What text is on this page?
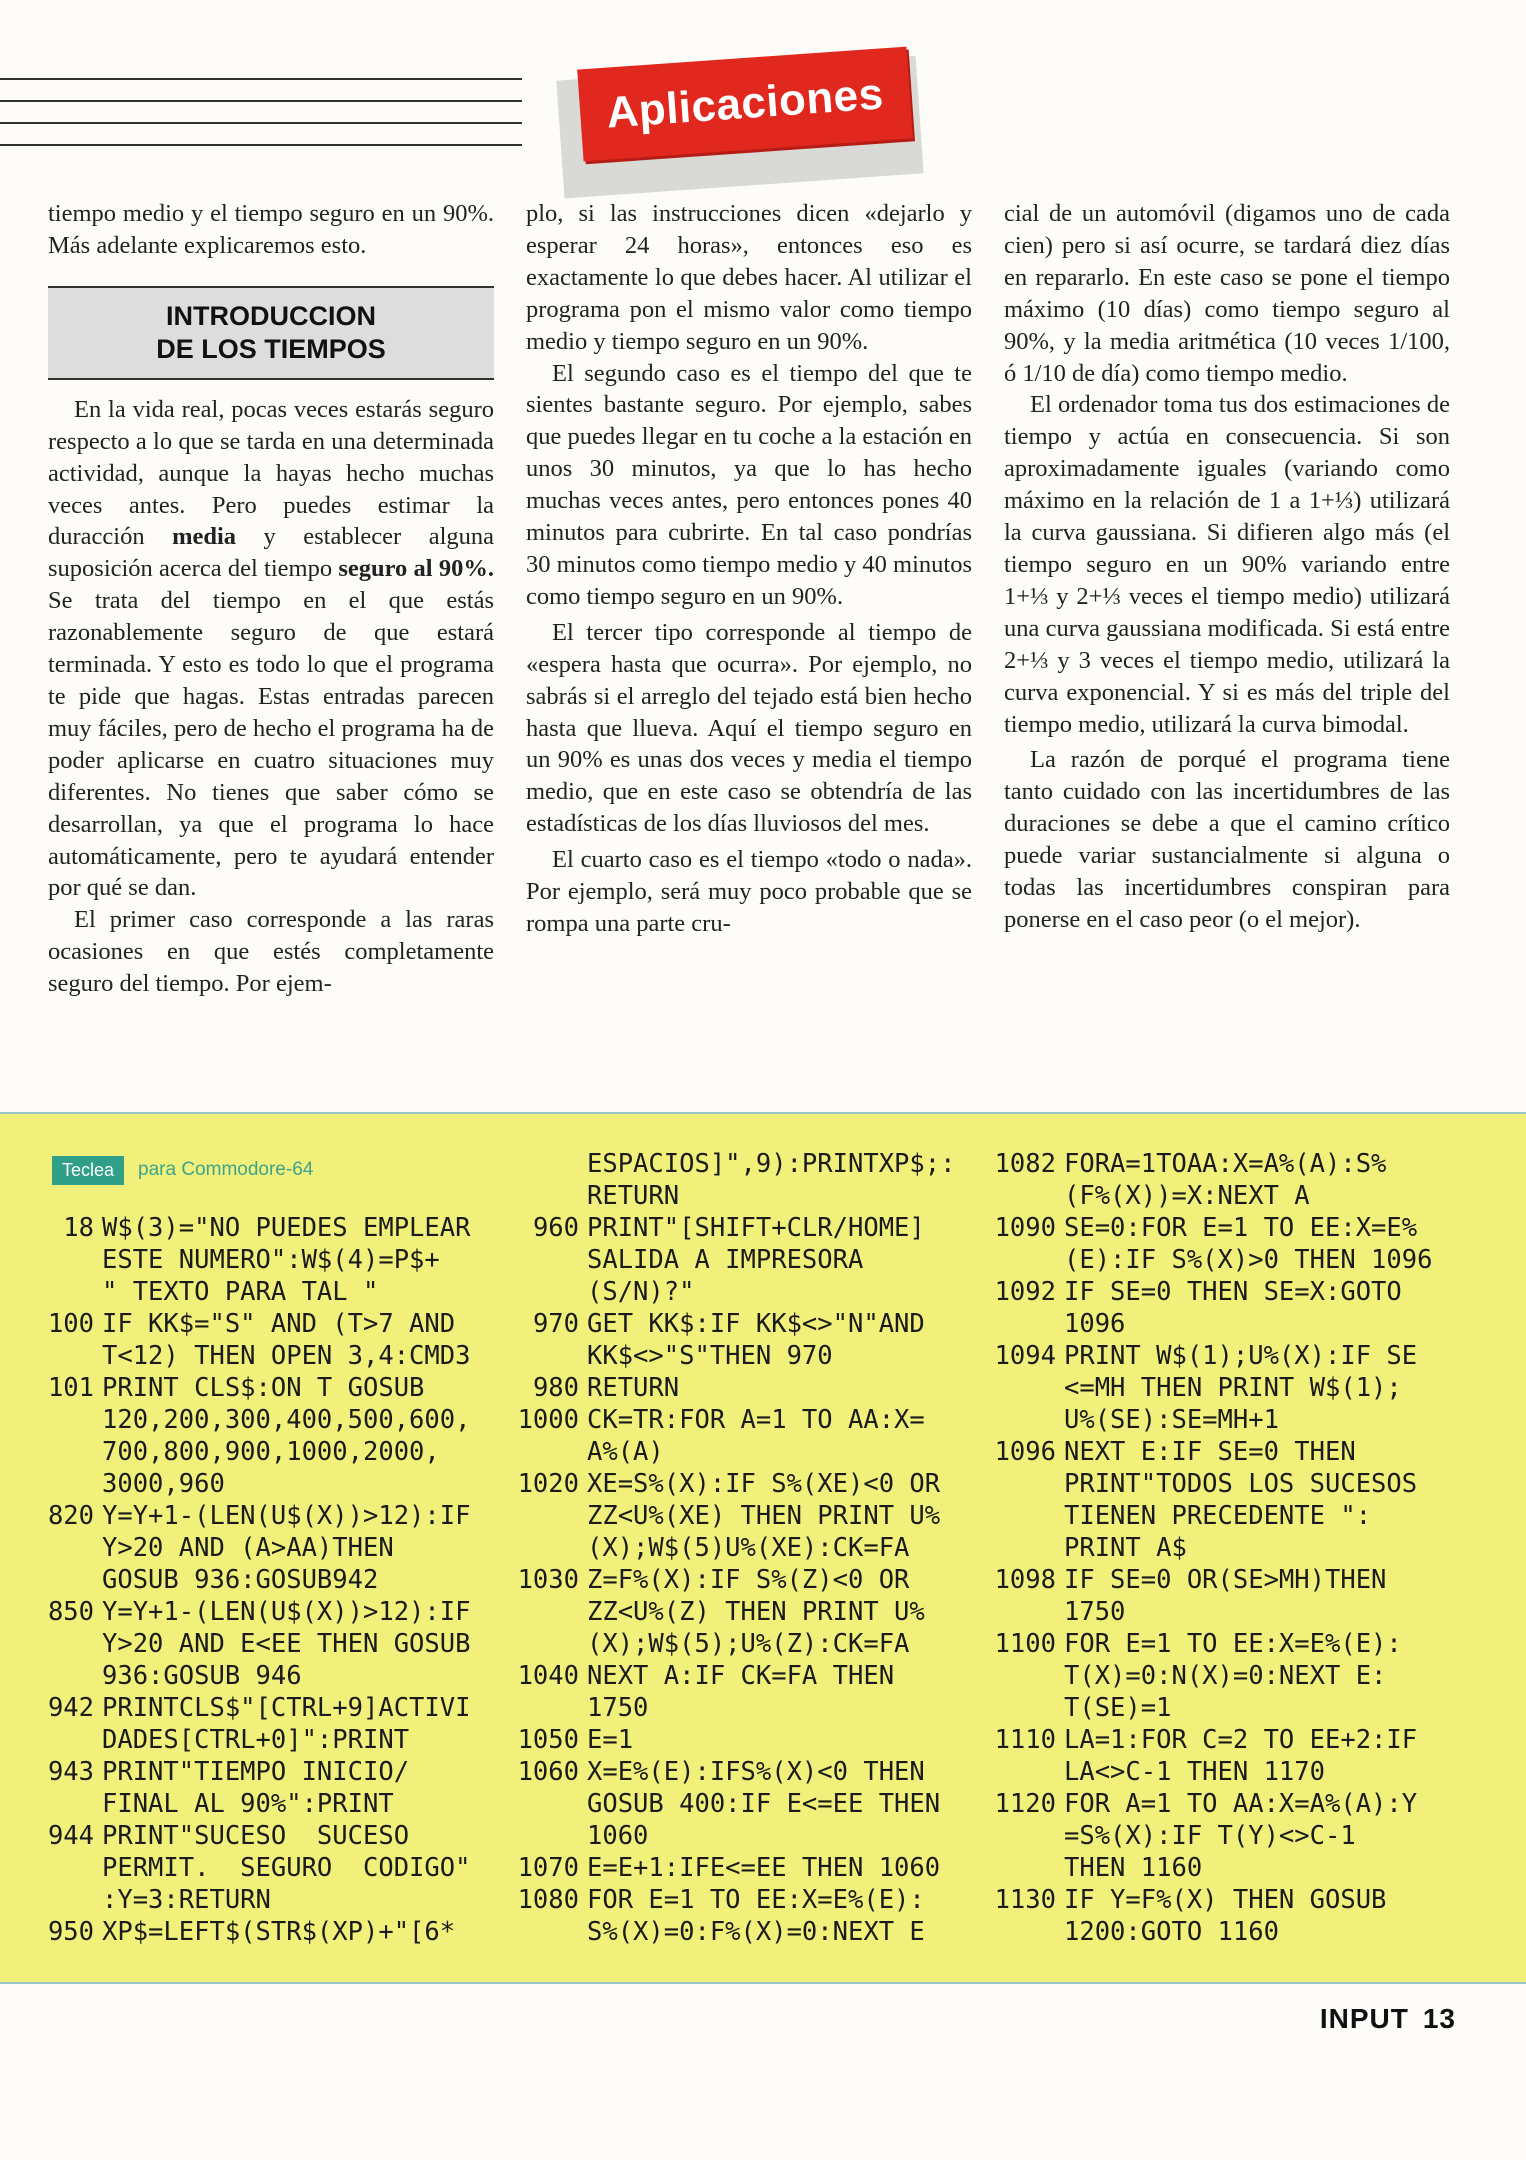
Aplicaciones

tiempo medio y el tiempo seguro en un 90%. Más adelante explicaremos esto.

INTRODUCCION
DE LOS TIEMPOS

En la vida real, pocas veces estarás seguro respecto a lo que se tarda en una determinada actividad, aunque la hayas hecho muchas veces antes. Pero puedes estimar la duracción media y establecer alguna suposición acerca del tiempo seguro al 90%. Se trata del tiempo en el que estás razonablemente seguro de que estará terminada. Y esto es todo lo que el programa te pide que hagas. Estas entradas parecen muy fáciles, pero de hecho el programa ha de poder aplicarse en cuatro situaciones muy diferentes. No tienes que saber cómo se desarrollan, ya que el programa lo hace automáticamente, pero te ayudará entender por qué se dan.

El primer caso corresponde a las raras ocasiones en que estés completamente seguro del tiempo. Por ejem-

plo, si las instrucciones dicen «dejarlo y esperar 24 horas», entonces eso es exactamente lo que debes hacer. Al utilizar el programa pon el mismo valor como tiempo medio y tiempo seguro en un 90%.

El segundo caso es el tiempo del que te sientes bastante seguro. Por ejemplo, sabes que puedes llegar en tu coche a la estación en unos 30 minutos, ya que lo has hecho muchas veces antes, pero entonces pones 40 minutos para cubrirte. En tal caso pondrías 30 minutos como tiempo medio y 40 minutos como tiempo seguro en un 90%.

El tercer tipo corresponde al tiempo de «espera hasta que ocurra». Por ejemplo, no sabrás si el arreglo del tejado está bien hecho hasta que llueva. Aquí el tiempo seguro en un 90% es unas dos veces y media el tiempo medio, que en este caso se obtendría de las estadísticas de los días lluviosos del mes.

El cuarto caso es el tiempo «todo o nada». Por ejemplo, será muy poco probable que se rompa una parte cru-

cial de un automóvil (digamos uno de cada cien) pero si así ocurre, se tardará diez días en repararlo. En este caso se pone el tiempo máximo (10 días) como tiempo seguro al 90%, y la media aritmética (10 veces 1/100, ó 1/10 de día) como tiempo medio.

El ordenador toma tus dos estimaciones de tiempo y actúa en consecuencia. Si son aproximadamente iguales (variando como máximo en la relación de 1 a 1+⅓) utilizará la curva gaussiana. Si difieren algo más (el tiempo seguro en un 90% variando entre 1+⅓ y 2+⅓ veces el tiempo medio) utilizará una curva gaussiana modificada. Si está entre 2+⅓ y 3 veces el tiempo medio, utilizará la curva exponencial. Y si es más del triple del tiempo medio, utilizará la curva bimodal.

La razón de porqué el programa tiene tanto cuidado con las incertidumbres de las duraciones se debe a que el camino crítico puede variar sustancialmente si alguna o todas las incertidumbres conspiran para ponerse en el caso peor (o el mejor).

Teclea	para Commodore-64
18 W$(3)="NO PUEDES EMPLEAR
ESTE NUMERO":W$(4)=P$+
" TEXTO PARA TAL "
100 IF KK$="S" AND (T>7 AND
T<12) THEN OPEN 3,4:CMD3
101 PRINT CLS$:ON T GOSUB
120,200,300,400,500,600,
700,800,900,1000,2000,
3000,960
820 Y=Y+1-(LEN(U$(X))>12):IF
Y>20 AND (A>AA)THEN
GOSUB 936:GOSUB942
850 Y=Y+1-(LEN(U$(X))>12):IF
Y>20 AND E<EE THEN GOSUB
936:GOSUB 946
942 PRINTCLS$"[CTRL+9]ACTIVI
DADES[CTRL+0]":PRINT
943 PRINT"TIEMPO INICIO/
FINAL AL 90%":PRINT
944 PRINT"SUCESO  SUCESO
PERMIT.  SEGURO  CODIGO"
:Y=3:RETURN
950 XP$=LEFT$(STR$(XP)+"[6*
ESPACIOS]",9):PRINTXP$;:
RETURN
960 PRINT"[SHIFT+CLR/HOME]
SALIDA A IMPRESORA
(S/N)?"
970 GET KK$:IF KK$<>"N"AND
KK$<>"S"THEN 970
980 RETURN
1000 CK=TR:FOR A=1 TO AA:X=
A%(A)
1020 XE=S%(X):IF S%(XE)<0 OR
ZZ<U%(XE) THEN PRINT U%
(X);W$(5)U%(XE):CK=FA
1030 Z=F%(X):IF S%(Z)<0 OR
ZZ<U%(Z) THEN PRINT U%
(X);W$(5);U%(Z):CK=FA
1040 NEXT A:IF CK=FA THEN
1750
1050 E=1
1060 X=E%(E):IFS%(X)<0 THEN
GOSUB 400:IF E<=EE THEN
1060
1070 E=E+1:IFE<=EE THEN 1060
1080 FOR E=1 TO EE:X=E%(E):
S%(X)=0:F%(X)=0:NEXT E
1082 FORA=1TOAA:X=A%(A):S%
(F%(X))=X:NEXT A
1090 SE=0:FOR E=1 TO EE:X=E%
(E):IF S%(X)>0 THEN 1096
1092 IF SE=0 THEN SE=X:GOTO
1096
1094 PRINT W$(1);U%(X):IF SE
<=MH THEN PRINT W$(1);
U%(SE):SE=MH+1
1096 NEXT E:IF SE=0 THEN
PRINT"TODOS LOS SUCESOS
TIENEN PRECEDENTE ":
PRINT A$
1098 IF SE=0 OR(SE>MH)THEN
1750
1100 FOR E=1 TO EE:X=E%(E):
T(X)=0:N(X)=0:NEXT E:
T(SE)=1
1110 LA=1:FOR C=2 TO EE+2:IF
LA<>C-1 THEN 1170
1120 FOR A=1 TO AA:X=A%(A):Y
=S%(X):IF T(Y)<>C-1
THEN 1160
1130 IF Y=F%(X) THEN GOSUB
1200:GOTO 1160
INPUT 13
